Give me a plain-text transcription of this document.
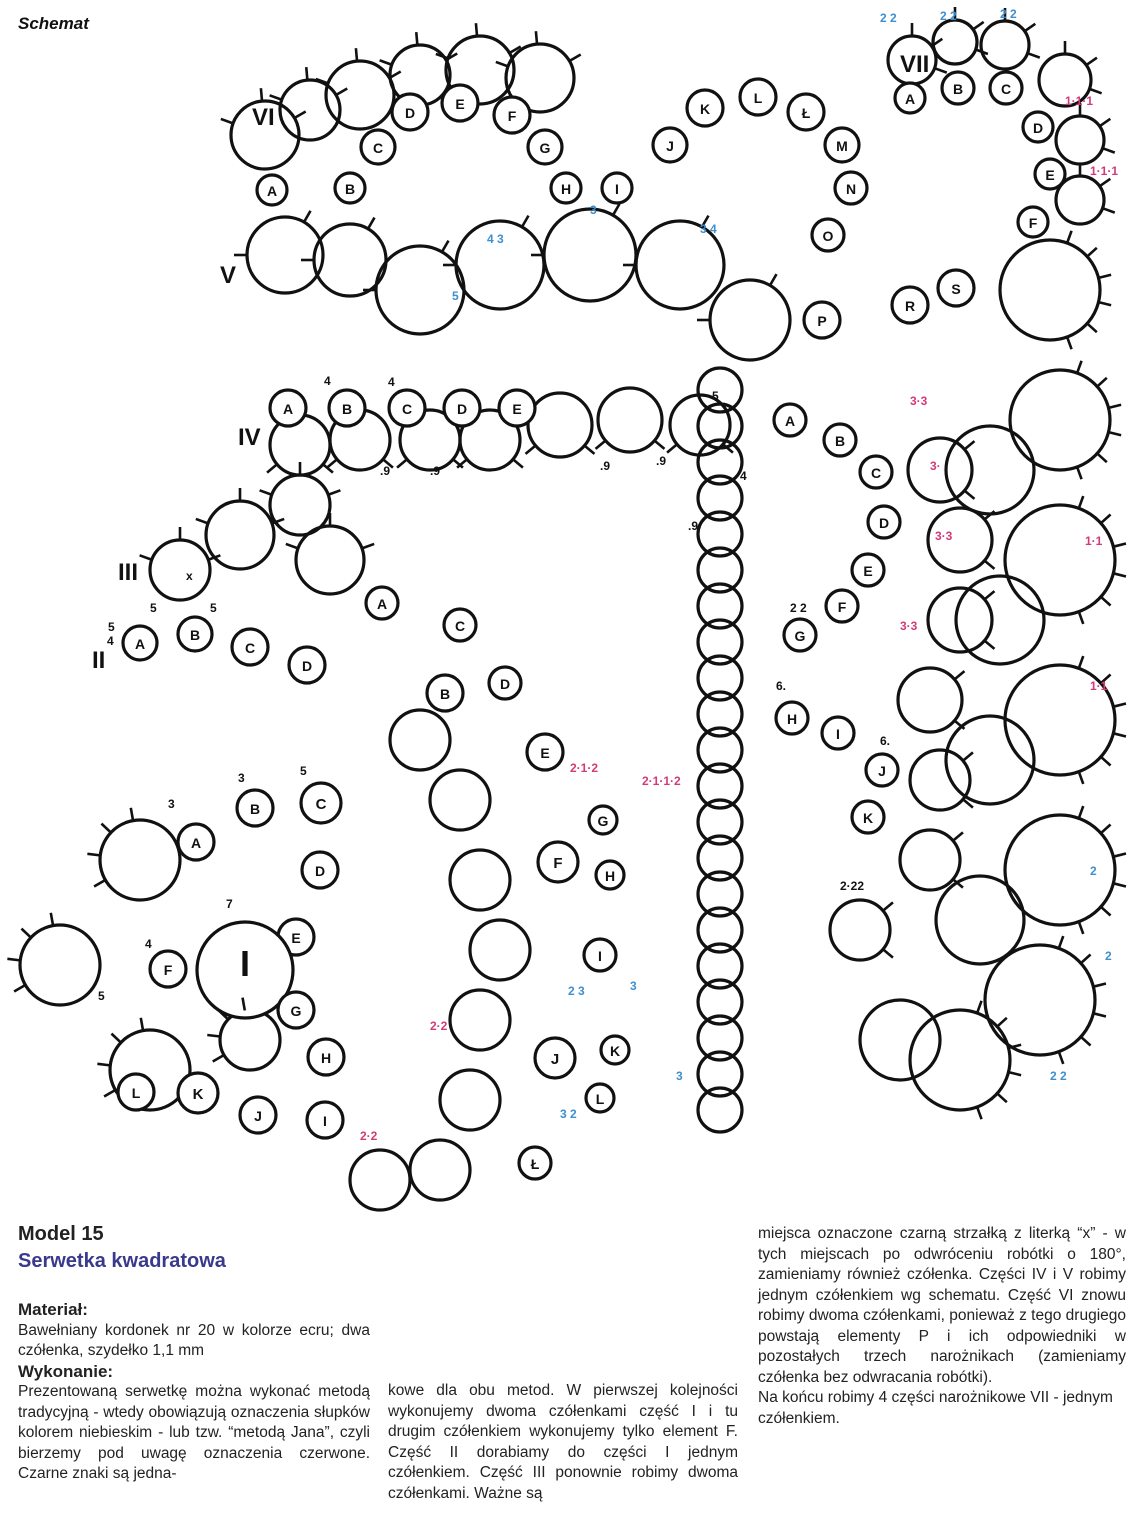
Schemat
VI
V
A	B
C
D
E
F
G
H	I
J
K
L
Ł
M
N
O
P
R
S
IV
A	B	C	D	E
III
II
A
B
C
D
A
C
B
D
A
B	C
D
E
F I
G
H
J
K
L
I
E
F
G
H
I
J	K
L
Ł
A
B
C
D
E
F
G
H
I
J
K
VII
A
B	C
D
E
F
4 3
3
3 4
5
4	4
.9	.9	.9	.9
5
4
5	5
x
3
3	5
4
5
7
2·1·2
2·1·1·2
2 3	3
2·2
2·2
3 2
4
5
.9
3
3·3
3·
3·3
3·3
2 2
6.
6.
2·22
2 2	2 2	2 2
1·1·1
1·1·1
1·1
1·1
2
2
2 2
Model 15
Serwetka kwadratowa

Materiał:

Bawełniany kordonek nr 20 w kolorze ecru; dwa czółenka, szydełko 1,1 mm

Wykonanie:

Prezentowaną serwetkę można wykonać metodą tradycyjną - wtedy obowiązują oznaczenia słupków kolorem niebieskim - lub tzw. “metodą Jana”, czyli bierzemy pod uwagę oznaczenia czerwone. Czarne znaki są jedna-

kowe dla obu metod. W pierwszej kolejności wykonujemy dwoma czółenkami część I i tu drugim czółenkiem wykonujemy tylko element F. Część II dorabiamy do części I jednym czółenkiem. Część III ponownie robimy dwoma czółenkami. Ważne są

miejsca oznaczone czarną strzałką z literką “x” - w tych miejscach po odwróceniu robótki o 180°, zamieniamy również czółenka. Części IV i V robimy jednym czółenkiem wg schematu. Część VI znowu robimy dwoma czółenkami, ponieważ z tego drugiego powstają elementy P i ich odpowiedniki w pozostałych trzech narożnikach (zamieniamy czółenka bez odwracania robótki).

Na końcu robimy 4 części narożnikowe VII - jednym czółenkiem.
